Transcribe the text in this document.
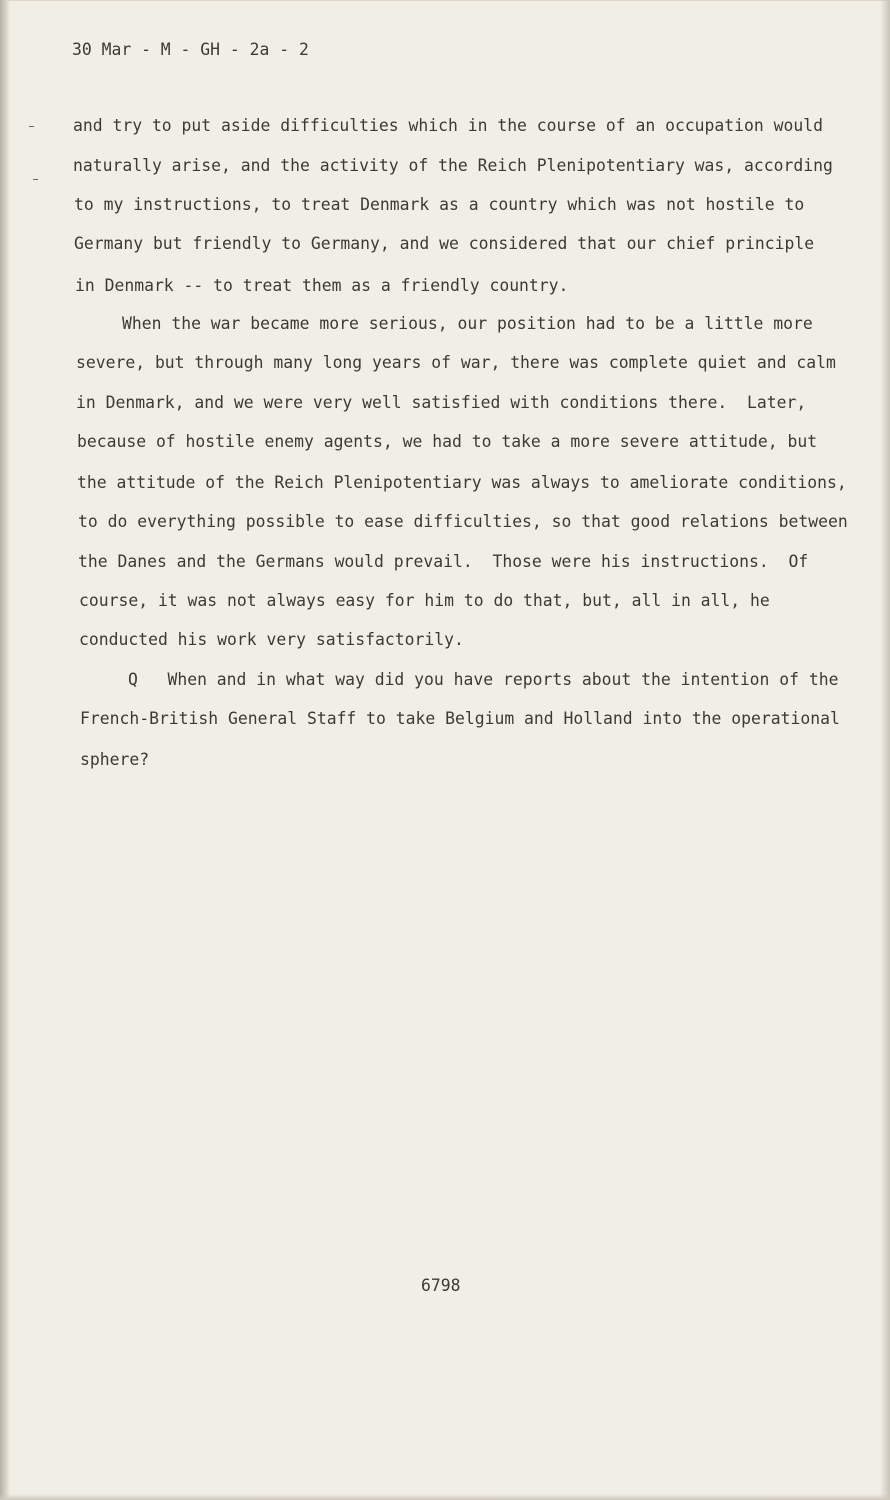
30 Mar - M - GH - 2a - 2
and try to put aside difficulties which in the course of an occupation would
naturally arise, and the activity of the Reich Plenipotentiary was, according
to my instructions, to treat Denmark as a country which was not hostile to
Germany but friendly to Germany, and we considered that our chief principle
in Denmark -- to treat them as a friendly country.
When the war became more serious, our position had to be a little more
severe, but through many long years of war, there was complete quiet and calm
in Denmark, and we were very well satisfied with conditions there.  Later,
because of hostile enemy agents, we had to take a more severe attitude, but
the attitude of the Reich Plenipotentiary was always to ameliorate conditions,
to do everything possible to ease difficulties, so that good relations between
the Danes and the Germans would prevail.  Those were his instructions.  Of
course, it was not always easy for him to do that, but, all in all, he
conducted his work very satisfactorily.
Q   When and in what way did you have reports about the intention of the
French-British General Staff to take Belgium and Holland into the operational
sphere?
6798
